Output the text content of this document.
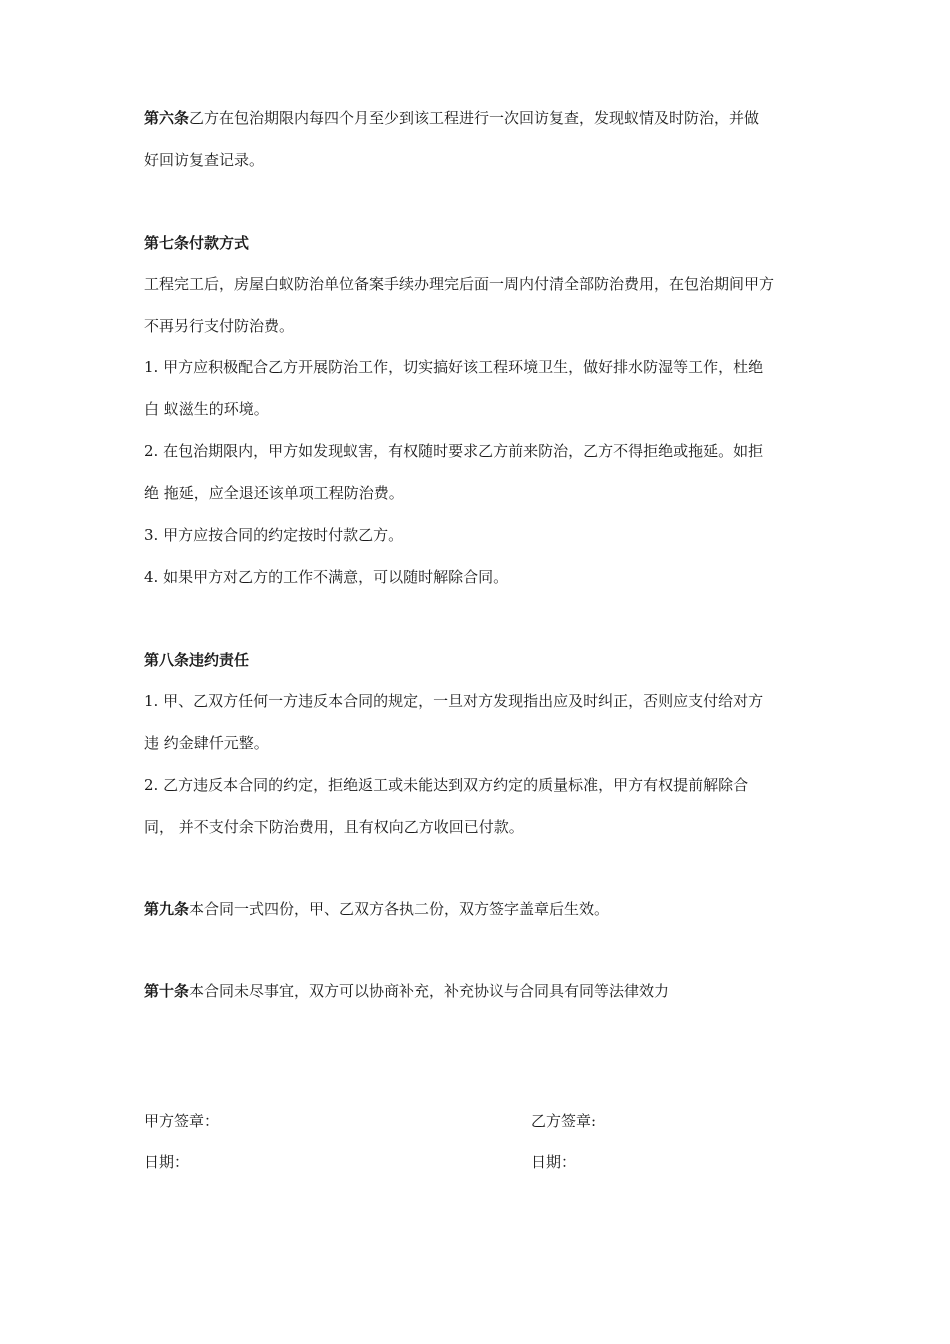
第六条乙方在包治期限内每四个月至少到该工程进行一次回访复查，发现蚁情及时防治，并做
好回访复查记录。
第七条付款方式
工程完工后，房屋白蚁防治单位备案手续办理完后面一周内付清全部防治费用，在包治期间甲方
不再另行支付防治费。
1. 甲方应积极配合乙方开展防治工作，切实搞好该工程环境卫生，做好排水防湿等工作，杜绝
白 蚁滋生的环境。
2. 在包治期限内，甲方如发现蚁害，有权随时要求乙方前来防治，乙方不得拒绝或拖延。如拒
绝 拖延，应全退还该单项工程防治费。
3. 甲方应按合同的约定按时付款乙方。
4. 如果甲方对乙方的工作不满意，可以随时解除合同。
第八条违约责任
1. 甲、乙双方任何一方违反本合同的规定，一旦对方发现指出应及时纠正，否则应支付给对方
违 约金肆仟元整。
2. 乙方违反本合同的约定，拒绝返工或未能达到双方约定的质量标准，甲方有权提前解除合
同， 并不支付余下防治费用，且有权向乙方收回已付款。
第九条本合同一式四份，甲、乙双方各执二份，双方签字盖章后生效。
第十条本合同未尽事宜，双方可以协商补充，补充协议与合同具有同等法律效力
甲方签章：	乙方签章:
日期：	日期：
